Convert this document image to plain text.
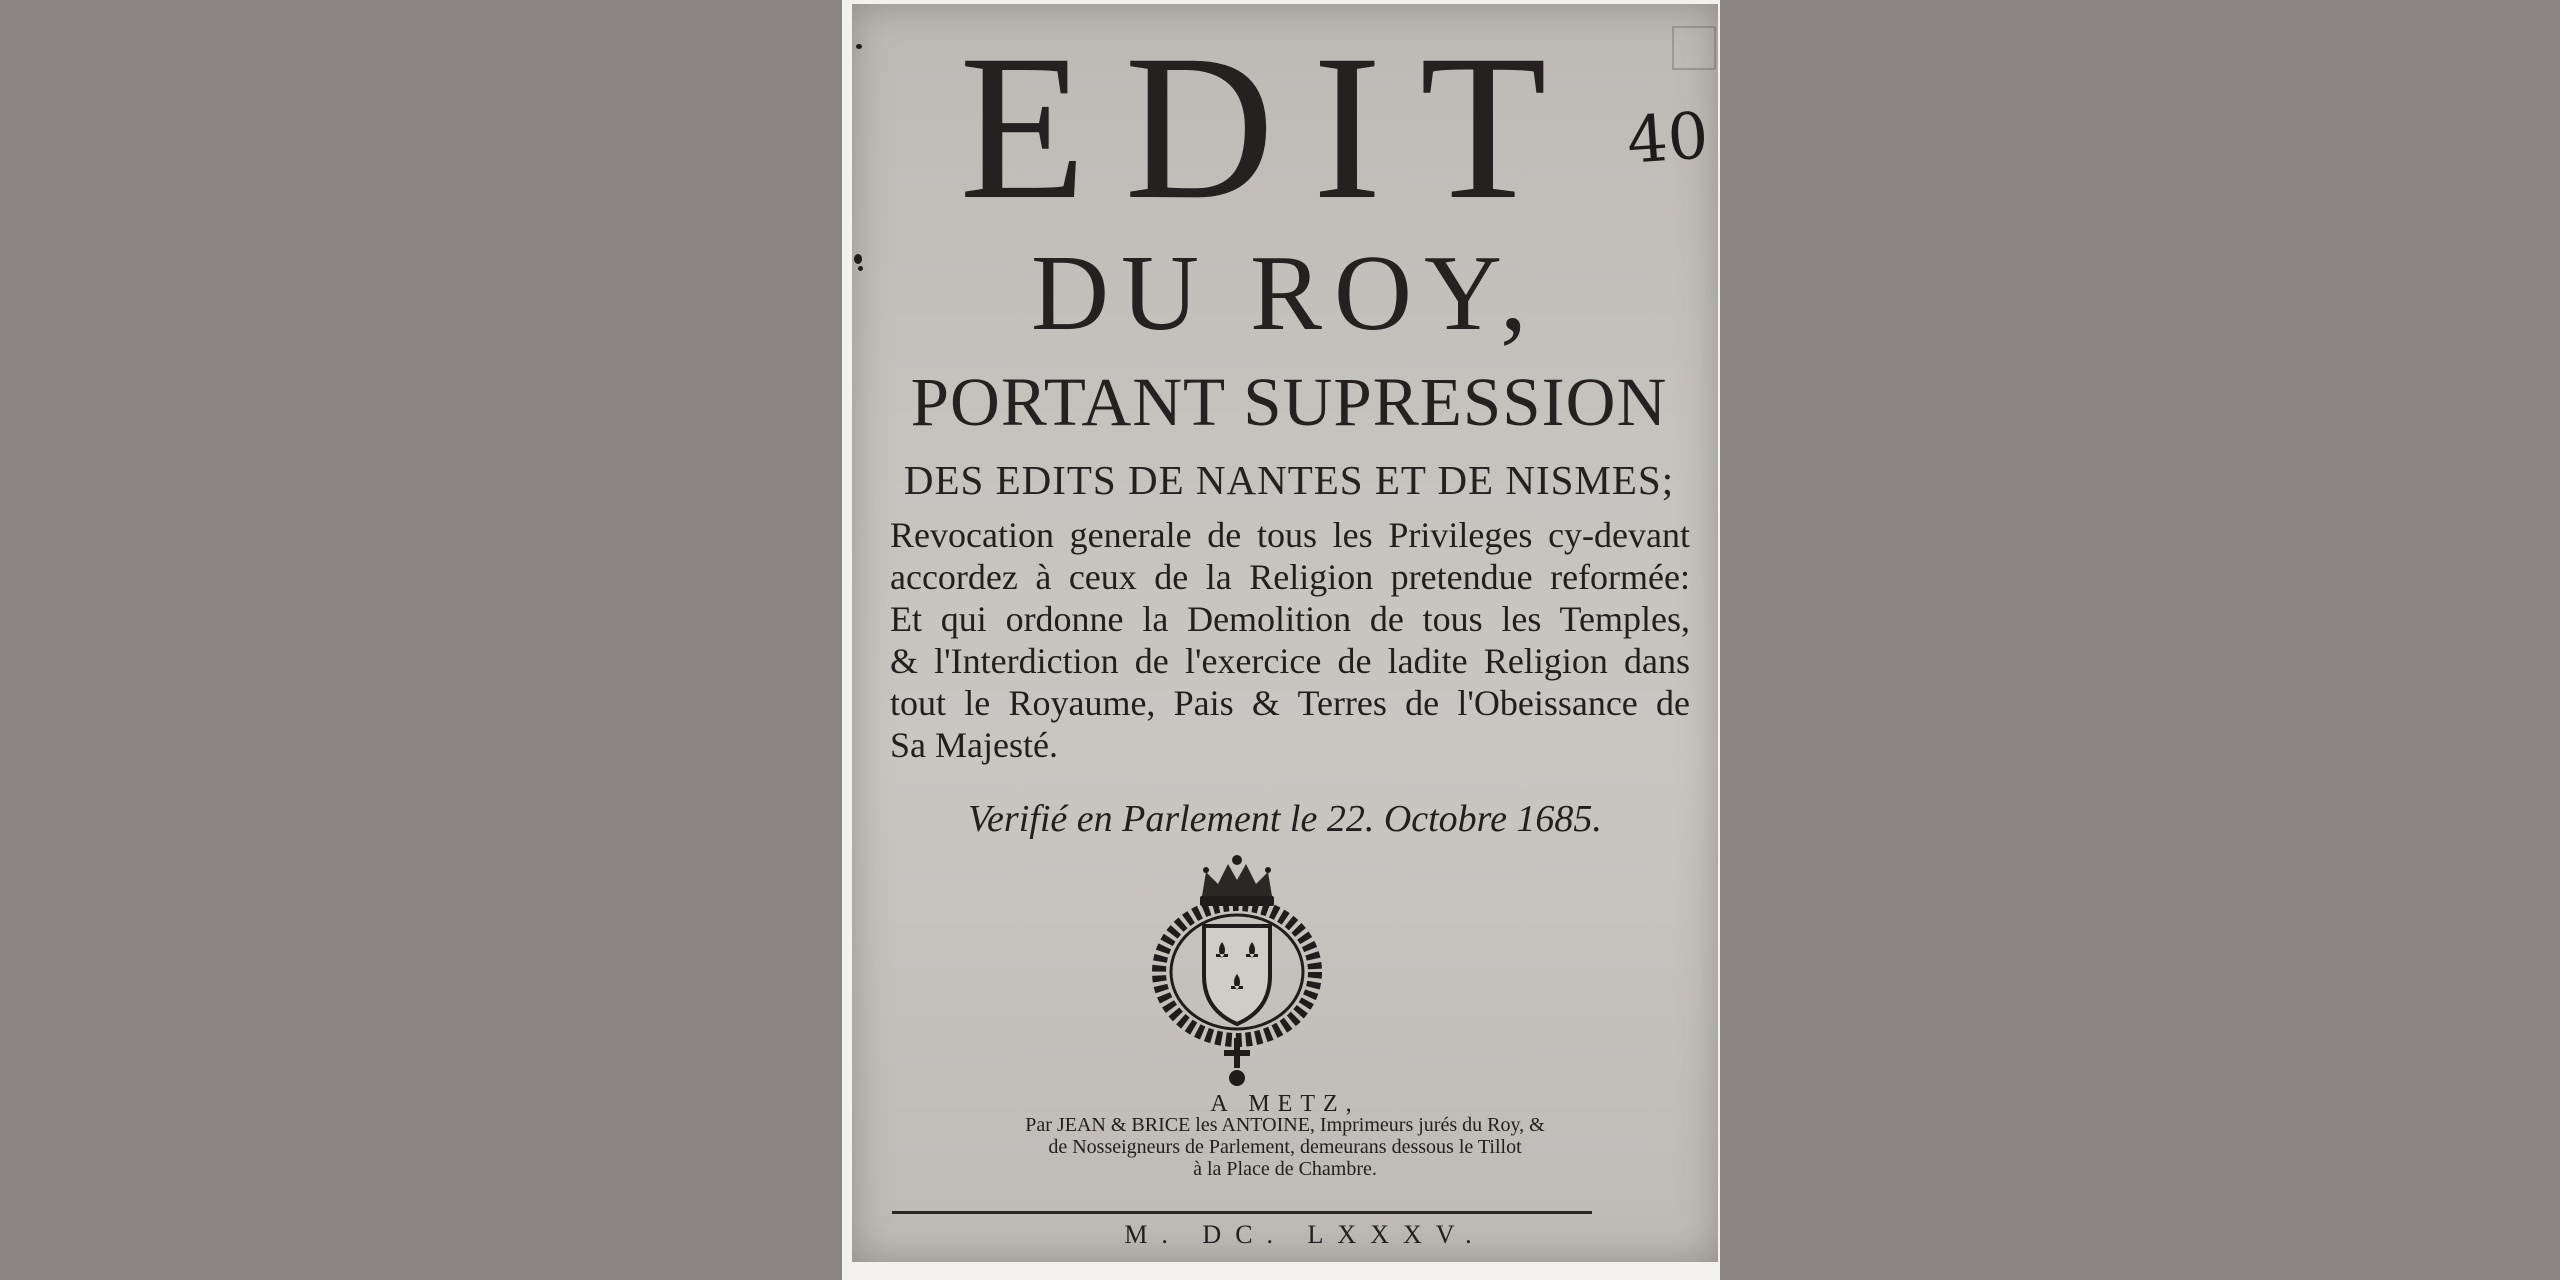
EDIT 40
DU ROY,
PORTANT SUPRESSION
DES EDITS DE NANTES ET DE NISMES;
Revocation generale de tous les Privileges cy-devant
accordez à ceux de la Religion pretendue reformée:
Et qui ordonne la Demolition de tous les Temples,
& l'Interdiction de l'exercice de ladite Religion dans
tout le Royaume, Pais & Terres de l'Obeissance de
Sa Majesté.
Verifié en Parlement le 22. Octobre 1685.
A METZ,
Par JEAN & BRICE les ANTOINE, Imprimeurs jurés du Roy, &
de Nosseigneurs de Parlement, demeurans dessous le Tillot
à la Place de Chambre.
M. DC. LXXXV.
